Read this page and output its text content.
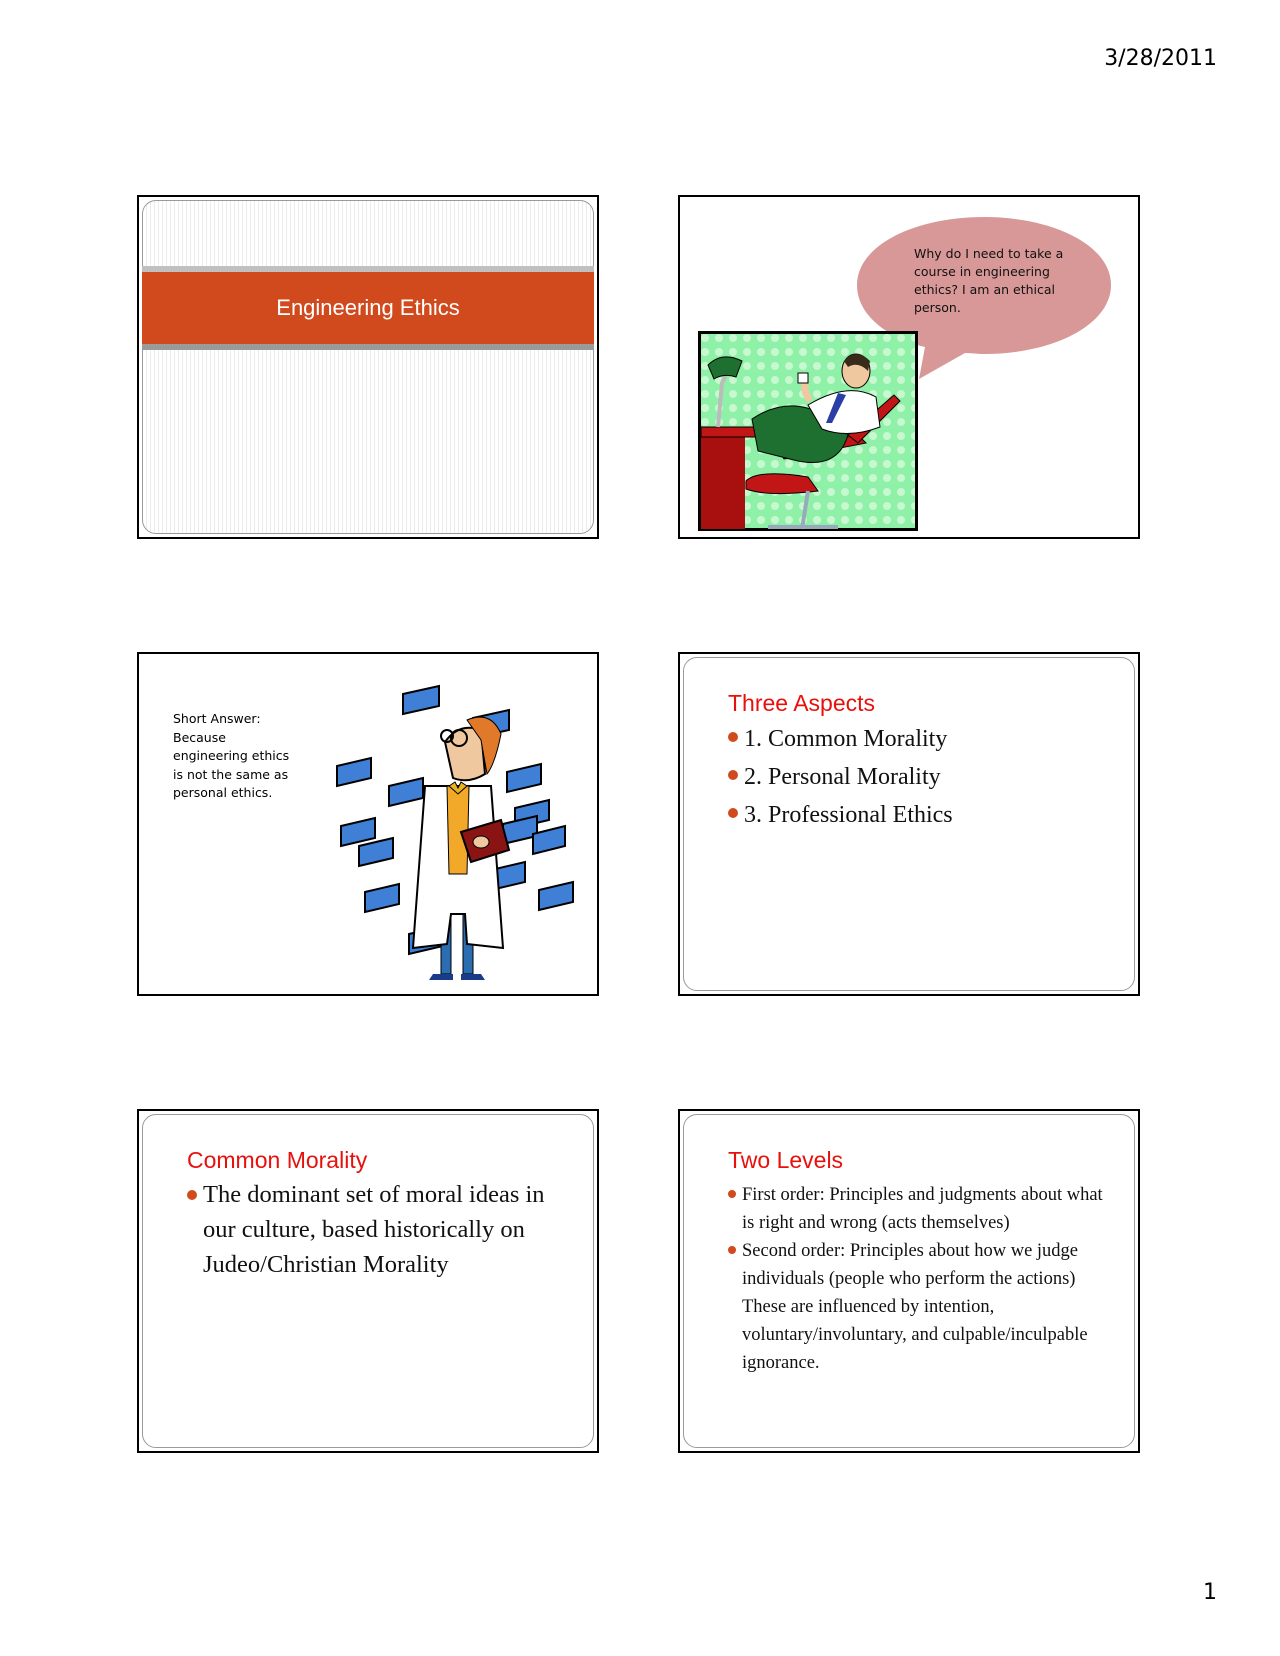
3/28/2011
Engineering Ethics
Why do I need to take a course in engineering ethics? I am an ethical person.
Short Answer: Because engineering ethics is not the same as personal ethics.
Three Aspects
1. Common Morality
2. Personal Morality
3. Professional Ethics
Common Morality
The dominant set of moral ideas in our culture, based historically on Judeo/Christian Morality
Two Levels
First order: Principles and judgments about what is right and wrong (acts themselves)
Second order: Principles about how we judge individuals (people who perform the actions) These are influenced by intention, voluntary/involuntary, and culpable/inculpable ignorance.
1
